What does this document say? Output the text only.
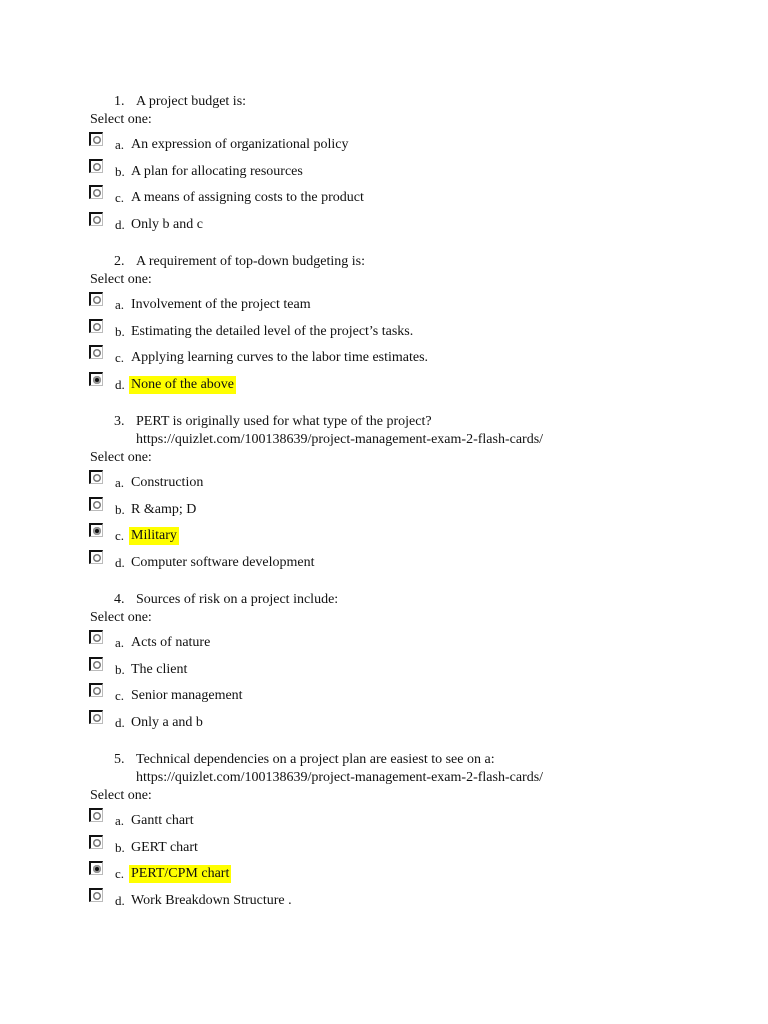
1. A project budget is:
Select one:
a. An expression of organizational policy
b. A plan for allocating resources
c. A means of assigning costs to the product
d. Only b and c
2. A requirement of top-down budgeting is:
Select one:
a. Involvement of the project team
b. Estimating the detailed level of the project’s tasks.
c. Applying learning curves to the labor time estimates.
d. None of the above
3. PERT is originally used for what type of the project?
https://quizlet.com/100138639/project-management-exam-2-flash-cards/
Select one:
a. Construction
b. R &amp; D
c. Military
d. Computer software development
4. Sources of risk on a project include:
Select one:
a. Acts of nature
b. The client
c. Senior management
d. Only a and b
5. Technical dependencies on a project plan are easiest to see on a:
https://quizlet.com/100138639/project-management-exam-2-flash-cards/
Select one:
a. Gantt chart
b. GERT chart
c. PERT/CPM chart
d. Work Breakdown Structure .
